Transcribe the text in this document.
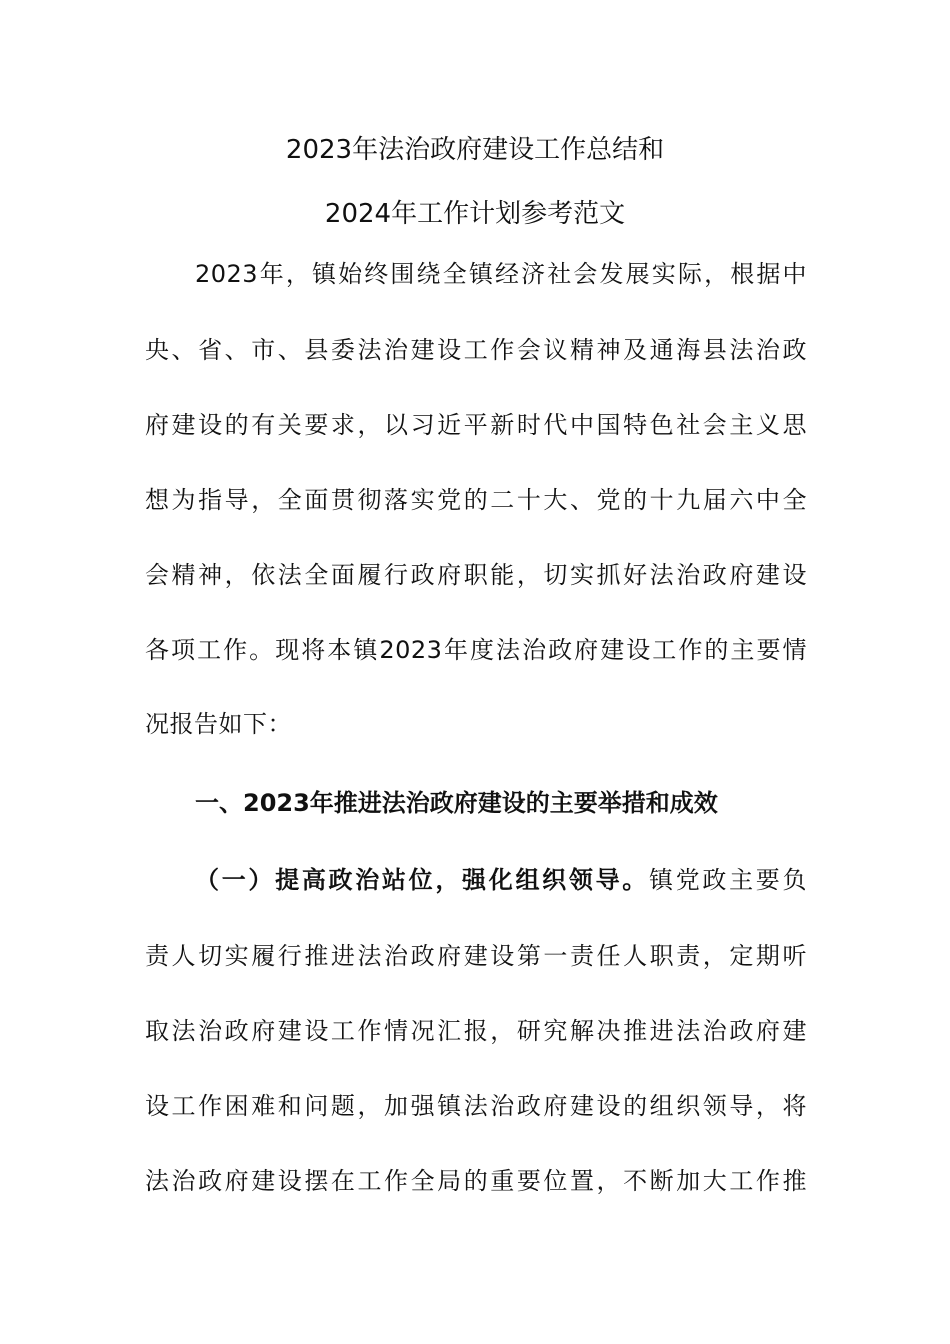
2023年法治政府建设工作总结和
2024年工作计划参考范文
2023年，镇始终围绕全镇经济社会发展实际，根据中
央、省、市、县委法治建设工作会议精神及通海县法治政
府建设的有关要求，以习近平新时代中国特色社会主义思
想为指导，全面贯彻落实党的二十大、党的十九届六中全
会精神，依法全面履行政府职能，切实抓好法治政府建设
各项工作。现将本镇2023年度法治政府建设工作的主要情
况报告如下：
一、2023年推进法治政府建设的主要举措和成效
（一）提高政治站位，强化组织领导。镇党政主要负
责人切实履行推进法治政府建设第一责任人职责，定期听
取法治政府建设工作情况汇报，研究解决推进法治政府建
设工作困难和问题，加强镇法治政府建设的组织领导，将
法治政府建设摆在工作全局的重要位置，不断加大工作推
